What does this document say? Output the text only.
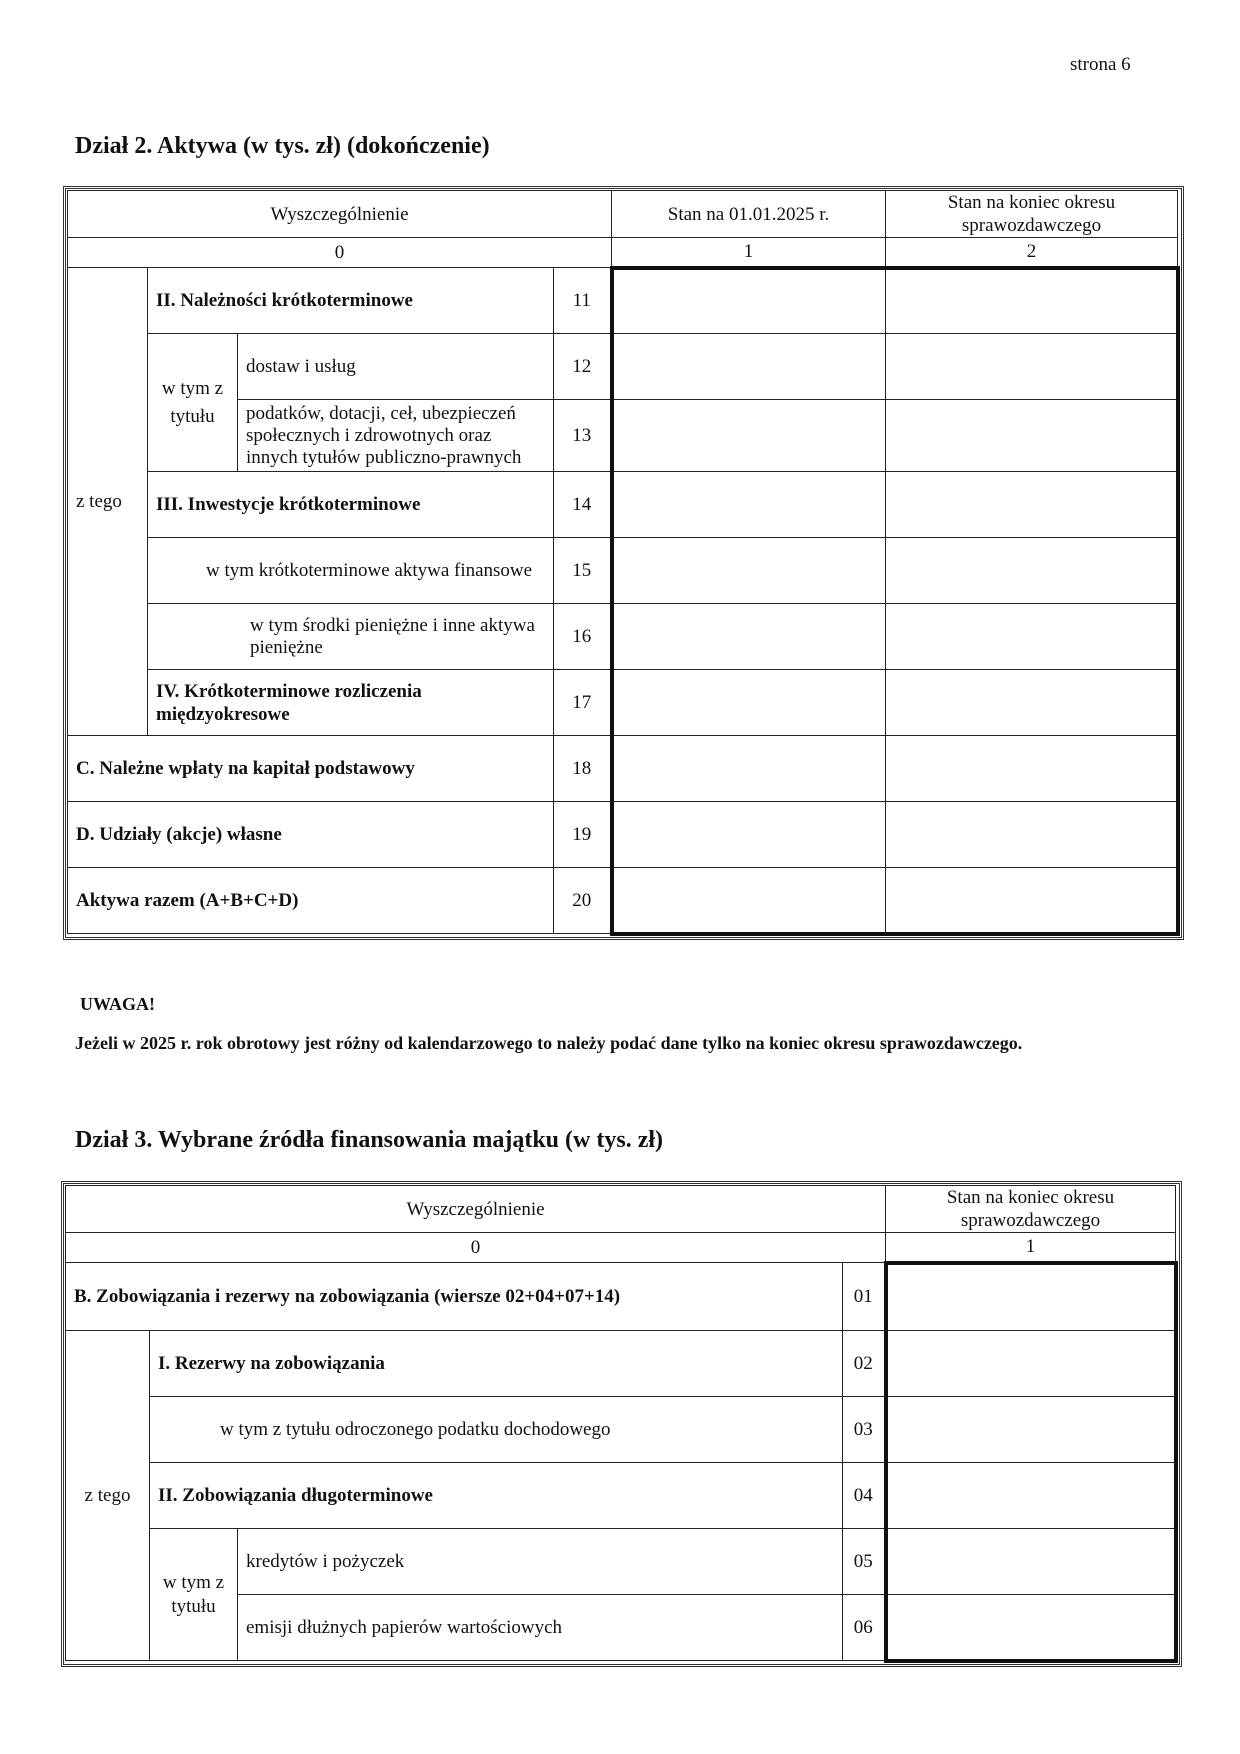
strona 6
Dział 2. Aktywa (w tys. zł) (dokończenie)
Wyszczególnienie				Stan na 01.01.2025 r.	Stan na koniec okresu sprawozdawczego
0				1	2
z tego	II. Należności krótkoterminowe		11		
	w tym z tytułu	dostaw i usług	12		
		podatków, dotacji, ceł, ubezpieczeń społecznych i zdrowotnych oraz innych tytułów publiczno-prawnych	13		
	III. Inwestycje krótkoterminowe		14		
	w tym krótkoterminowe aktywa finansowe		15		
	w tym środki pieniężne i inne aktywa pieniężne		16		
	IV. Krótkoterminowe rozliczenia międzyokresowe		17		
C. Należne wpłaty na kapitał podstawowy			18		
D. Udziały (akcje) własne			19		
Aktywa razem (A+B+C+D)			20		
UWAGA!
Jeżeli w 2025 r. rok obrotowy jest różny od kalendarzowego to należy podać dane tylko na koniec okresu sprawozdawczego.
Dział 3. Wybrane źródła finansowania majątku (w tys. zł)
Wyszczególnienie				Stan na koniec okresu sprawozdawczego
0				1
B. Zobowiązania i rezerwy na zobowiązania (wiersze 02+04+07+14)			01	
z tego	I. Rezerwy na zobowiązania		02	
	w tym z tytułu odroczonego podatku dochodowego		03	
	II. Zobowiązania długoterminowe		04	
	w tym z tytułu	kredytów i pożyczek	05	
		emisji dłużnych papierów wartościowych	06	
